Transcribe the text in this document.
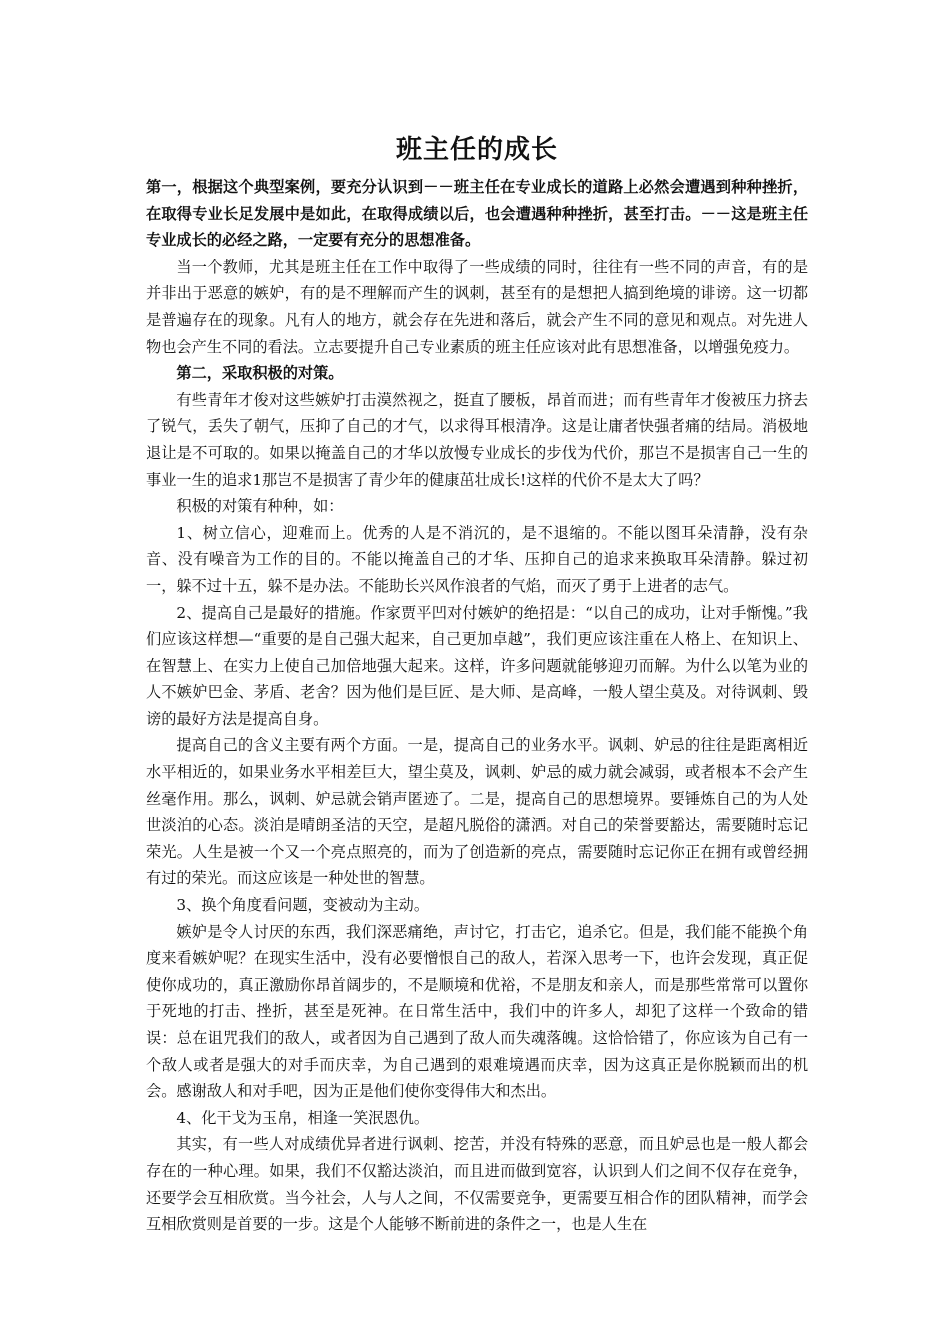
班主任的成长

第一，根据这个典型案例，要充分认识到－－班主任在专业成长的道路上必然会遭遇到种种挫折，在取得专业长足发展中是如此，在取得成绩以后，也会遭遇种种挫折，甚至打击。－－这是班主任专业成长的必经之路，一定要有充分的思想准备。

当一个教师，尤其是班主任在工作中取得了一些成绩的同时，往往有一些不同的声音，有的是并非出于恶意的嫉妒，有的是不理解而产生的讽刺，甚至有的是想把人搞到绝境的诽谤。这一切都是普遍存在的现象。凡有人的地方，就会存在先进和落后，就会产生不同的意见和观点。对先进人物也会产生不同的看法。立志要提升自己专业素质的班主任应该对此有思想准备，以增强免疫力。

第二，采取积极的对策。

有些青年才俊对这些嫉妒打击漠然视之，挺直了腰板，昂首而进；而有些青年才俊被压力挤去了锐气，丢失了朝气，压抑了自己的才气，以求得耳根清净。这是让庸者快强者痛的结局。消极地退让是不可取的。如果以掩盖自己的才华以放慢专业成长的步伐为代价，那岂不是损害自己一生的事业一生的追求1那岂不是损害了青少年的健康茁壮成长!这样的代价不是太大了吗？

积极的对策有种种，如：

1、树立信心，迎难而上。优秀的人是不消沉的，是不退缩的。不能以图耳朵清静，没有杂音、没有噪音为工作的目的。不能以掩盖自己的才华、压抑自己的追求来换取耳朵清静。躲过初一，躲不过十五，躲不是办法。不能助长兴风作浪者的气焰，而灭了勇于上进者的志气。

2、提高自己是最好的措施。作家贾平凹对付嫉妒的绝招是：“以自己的成功，让对手惭愧。”我们应该这样想—“重要的是自己强大起来，自己更加卓越”，我们更应该注重在人格上、在知识上、在智慧上、在实力上使自己加倍地强大起来。这样，许多问题就能够迎刃而解。为什么以笔为业的人不嫉妒巴金、茅盾、老舍？因为他们是巨匠、是大师、是高峰，一般人望尘莫及。对待讽刺、毁谤的最好方法是提高自身。

提高自己的含义主要有两个方面。一是，提高自己的业务水平。讽刺、妒忌的往往是距离相近水平相近的，如果业务水平相差巨大，望尘莫及，讽刺、妒忌的威力就会减弱，或者根本不会产生丝毫作用。那么，讽刺、妒忌就会销声匿迹了。二是，提高自己的思想境界。要锤炼自己的为人处世淡泊的心态。淡泊是晴朗圣洁的天空，是超凡脱俗的潇洒。对自己的荣誉要豁达，需要随时忘记荣光。人生是被一个又一个亮点照亮的，而为了创造新的亮点，需要随时忘记你正在拥有或曾经拥有过的荣光。而这应该是一种处世的智慧。

3、换个角度看问题，变被动为主动。

嫉妒是令人讨厌的东西，我们深恶痛绝，声讨它，打击它，追杀它。但是，我们能不能换个角度来看嫉妒呢？在现实生活中，没有必要憎恨自己的敌人，若深入思考一下，也许会发现，真正促使你成功的，真正激励你昂首阔步的，不是顺境和优裕，不是朋友和亲人，而是那些常常可以置你于死地的打击、挫折，甚至是死神。在日常生活中，我们中的许多人，却犯了这样一个致命的错误：总在诅咒我们的敌人，或者因为自己遇到了敌人而失魂落魄。这恰恰错了，你应该为自己有一个敌人或者是强大的对手而庆幸，为自己遇到的艰难境遇而庆幸，因为这真正是你脱颖而出的机会。感谢敌人和对手吧，因为正是他们使你变得伟大和杰出。

4、化干戈为玉帛，相逢一笑泯恩仇。

其实，有一些人对成绩优异者进行讽刺、挖苦，并没有特殊的恶意，而且妒忌也是一般人都会存在的一种心理。如果，我们不仅豁达淡泊，而且进而做到宽容，认识到人们之间不仅存在竞争，还要学会互相欣赏。当今社会，人与人之间，不仅需要竞争，更需要互相合作的团队精神，而学会互相欣赏则是首要的一步。这是个人能够不断前进的条件之一，也是人生在
